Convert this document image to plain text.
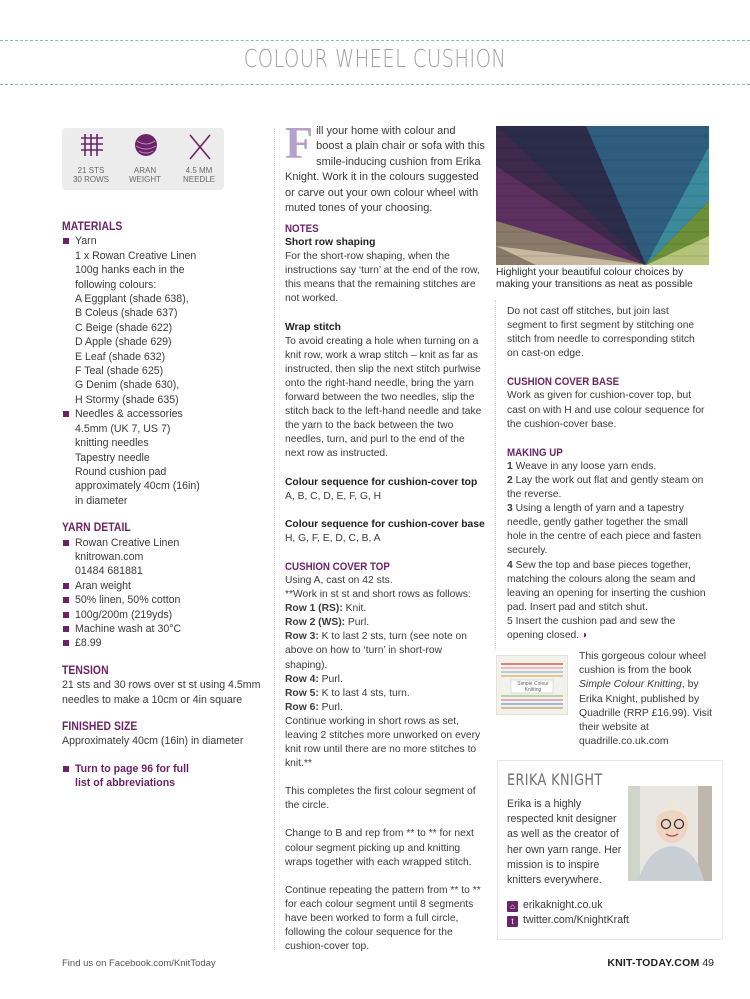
COLOUR WHEEL CUSHION
21 STS
30 ROWS
ARAN
WEIGHT
4.5 MM
NEEDLE
MATERIALS
Yarn
1 x Rowan Creative Linen
100g hanks each in the
following colours:
A Eggplant (shade 638),
B Coleus (shade 637)
C Beige (shade 622)
D Apple (shade 629)
E Leaf (shade 632)
F Teal (shade 625)
G Denim (shade 630),
H Stormy (shade 635)
Needles & accessories
4.5mm (UK 7, US 7)
knitting needles
Tapestry needle
Round cushion pad
approximately 40cm (16in)
in diameter
YARN DETAIL
Rowan Creative Linen
knitrowan.com
01484 681881
Aran weight
50% linen, 50% cotton
100g/200m (219yds)
Machine wash at 30°C
£8.99
TENSION
21 sts and 30 rows over st st using 4.5mm needles to make a 10cm or 4in square
FINISHED SIZE
Approximately 40cm (16in) in diameter
Turn to page 96 for full
list of abbreviations
Fill your home with colour and boost a plain chair or sofa with this smile-inducing cushion from Erika Knight. Work it in the colours suggested or carve out your own colour wheel with muted tones of your choosing.
NOTES
Short row shaping
For the short-row shaping, when the instructions say ‘turn’ at the end of the row, this means that the remaining stitches are not worked.
Wrap stitch
To avoid creating a hole when turning on a knit row, work a wrap stitch – knit as far as instructed, then slip the next stitch purlwise onto the right-hand needle, bring the yarn forward between the two needles, slip the stitch back to the left-hand needle and take the yarn to the back between the two needles, turn, and purl to the end of the next row as instructed.
Colour sequence for cushion-cover top
A, B, C, D, E, F, G, H
Colour sequence for cushion-cover base
H, G, F, E, D, C, B, A
CUSHION COVER TOP
Using A, cast on 42 sts.
**Work in st st and short rows as follows:
Row 1 (RS): Knit.
Row 2 (WS): Purl.
Row 3: K to last 2 sts, turn (see note on above on how to ‘turn’ in short-row shaping).
Row 4: Purl.
Row 5: K to last 4 sts, turn.
Row 6: Purl.
Continue working in short rows as set, leaving 2 stitches more unworked on every knit row until there are no more stitches to knit.**
This completes the first colour segment of the circle.
Change to B and rep from ** to ** for next colour segment picking up and knitting wraps together with each wrapped stitch.
Continue repeating the pattern from ** to ** for each colour segment until 8 segments have been worked to form a full circle, following the colour sequence for the cushion-cover top.
Highlight your beautiful colour choices by making your transitions as neat as possible
Do not cast off stitches, but join last segment to first segment by stitching one stitch from needle to corresponding stitch on cast-on edge.
CUSHION COVER BASE
Work as given for cushion-cover top, but cast on with H and use colour sequence for the cushion-cover base.
MAKING UP
1 Weave in any loose yarn ends.
2 Lay the work out flat and gently steam on the reverse.
3 Using a length of yarn and a tapestry needle, gently gather together the small hole in the centre of each piece and fasten securely.
4 Sew the top and base pieces together, matching the colours along the seam and leaving an opening for inserting the cushion pad. Insert pad and stitch shut.
5 Insert the cushion pad and sew the opening closed. ◗
Simple Colour Knitting
This gorgeous colour wheel cushion is from the book Simple Colour Knitting, by Erika Knight, published by Quadrille (RRP £16.99). Visit their website at quadrille.co.uk.com
ERIKA KNIGHT
Erika is a highly respected knit designer as well as the creator of her own yarn range. Her mission is to inspire knitters everywhere.
⌂ erikaknight.co.uk
t twitter.com/KnightKraft
Find us on Facebook.com/KnitToday	KNIT-TODAY.COM 49
